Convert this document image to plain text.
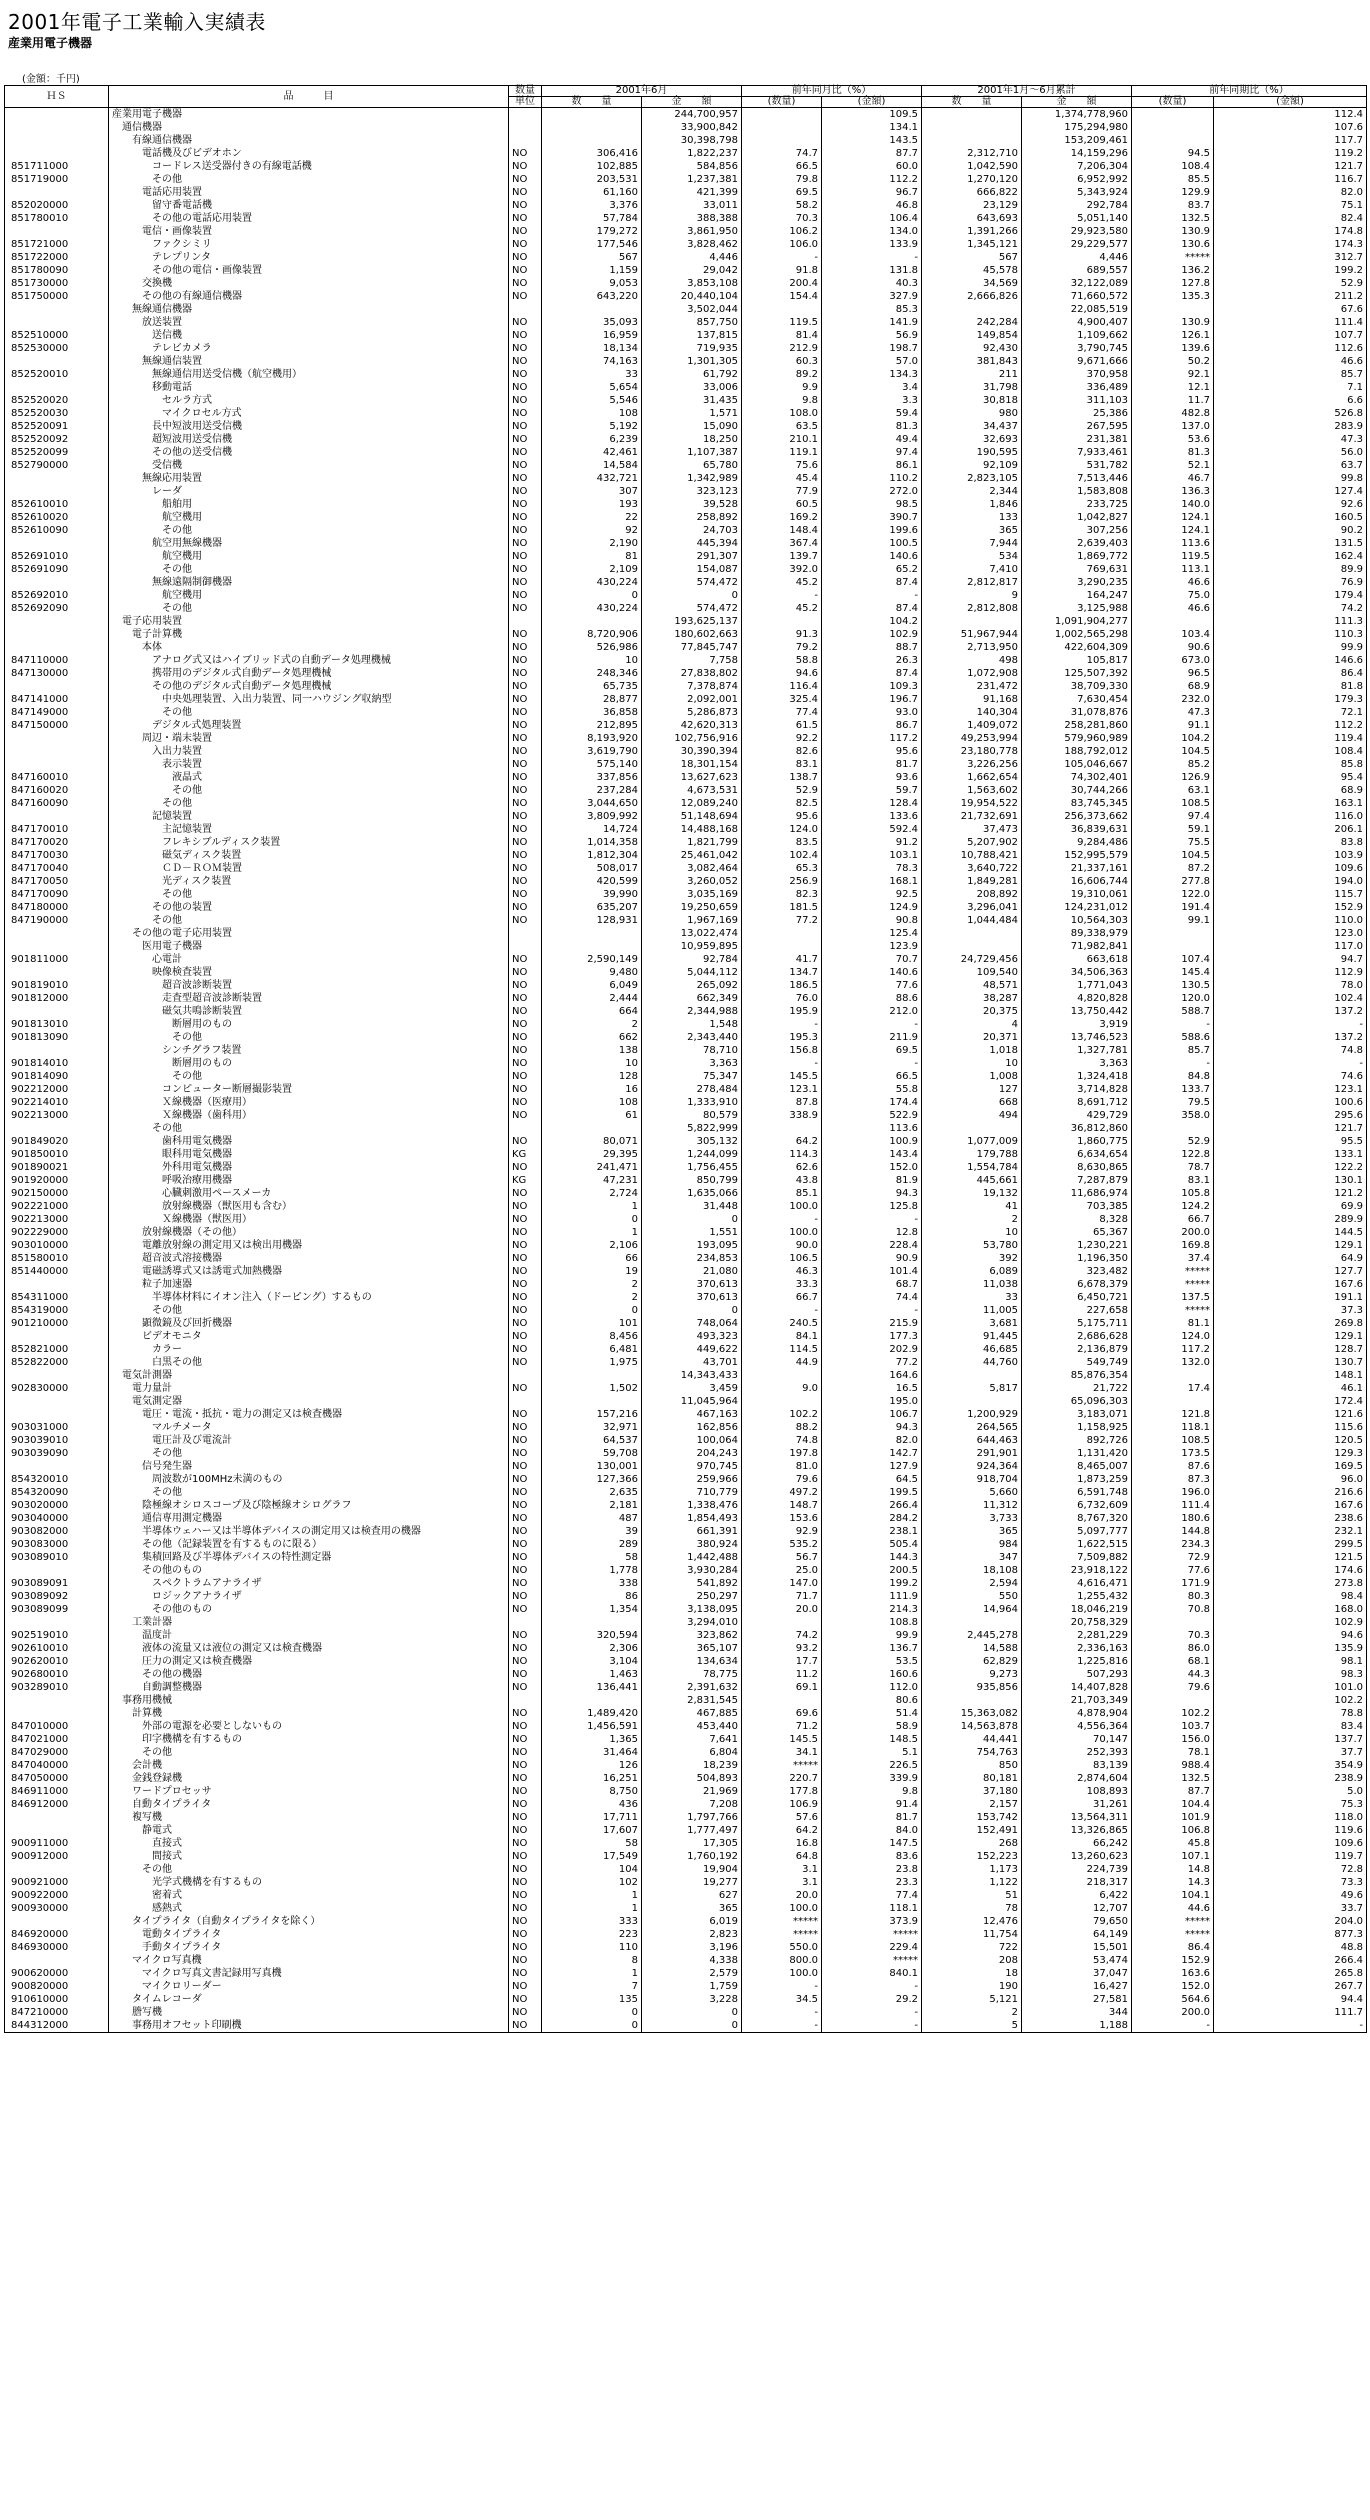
2001年電子工業輸入実績表
産業用電子機器
(金額：千円)
ＨＳ	品　　　目	数量	2001年6月		前年同月比（%）		2001年1月～6月累計		前年同期比（%）	
		単位	数　　量	金　　額	(数量)	(金額)	数　　量	金　　額	(数量)	(金額)
	産業用電子機器			244,700,957		109.5		1,374,778,960		112.4
	通信機器			33,900,842		134.1		175,294,980		107.6
	有線通信機器			30,398,798		143.5		153,209,461		117.7
	電話機及びビデオホン	NO	306,416	1,822,237	74.7	87.7	2,312,710	14,159,296	94.5	119.2
851711000	コードレス送受器付きの有線電話機	NO	102,885	584,856	66.5	60.0	1,042,590	7,206,304	108.4	121.7
851719000	その他	NO	203,531	1,237,381	79.8	112.2	1,270,120	6,952,992	85.5	116.7
	電話応用装置	NO	61,160	421,399	69.5	96.7	666,822	5,343,924	129.9	82.0
852020000	留守番電話機	NO	3,376	33,011	58.2	46.8	23,129	292,784	83.7	75.1
851780010	その他の電話応用装置	NO	57,784	388,388	70.3	106.4	643,693	5,051,140	132.5	82.4
	電信・画像装置	NO	179,272	3,861,950	106.2	134.0	1,391,266	29,923,580	130.9	174.8
851721000	ファクシミリ	NO	177,546	3,828,462	106.0	133.9	1,345,121	29,229,577	130.6	174.3
851722000	テレプリンタ	NO	567	4,446	-	-	567	4,446	*****	312.7
851780090	その他の電信・画像装置	NO	1,159	29,042	91.8	131.8	45,578	689,557	136.2	199.2
851730000	交換機	NO	9,053	3,853,108	200.4	40.3	34,569	32,122,089	127.8	52.9
851750000	その他の有線通信機器	NO	643,220	20,440,104	154.4	327.9	2,666,826	71,660,572	135.3	211.2
	無線通信機器			3,502,044		85.3		22,085,519		67.6
	放送装置	NO	35,093	857,750	119.5	141.9	242,284	4,900,407	130.9	111.4
852510000	送信機	NO	16,959	137,815	81.4	56.9	149,854	1,109,662	126.1	107.7
852530000	テレビカメラ	NO	18,134	719,935	212.9	198.7	92,430	3,790,745	139.6	112.6
	無線通信装置	NO	74,163	1,301,305	60.3	57.0	381,843	9,671,666	50.2	46.6
852520010	無線通信用送受信機（航空機用）	NO	33	61,792	89.2	134.3	211	370,958	92.1	85.7
	移動電話	NO	5,654	33,006	9.9	3.4	31,798	336,489	12.1	7.1
852520020	セルラ方式	NO	5,546	31,435	9.8	3.3	30,818	311,103	11.7	6.6
852520030	マイクロセル方式	NO	108	1,571	108.0	59.4	980	25,386	482.8	526.8
852520091	長中短波用送受信機	NO	5,192	15,090	63.5	81.3	34,437	267,595	137.0	283.9
852520092	超短波用送受信機	NO	6,239	18,250	210.1	49.4	32,693	231,381	53.6	47.3
852520099	その他の送受信機	NO	42,461	1,107,387	119.1	97.4	190,595	7,933,461	81.3	56.0
852790000	受信機	NO	14,584	65,780	75.6	86.1	92,109	531,782	52.1	63.7
	無線応用装置	NO	432,721	1,342,989	45.4	110.2	2,823,105	7,513,446	46.7	99.8
	レーダ	NO	307	323,123	77.9	272.0	2,344	1,583,808	136.3	127.4
852610010	船舶用	NO	193	39,528	60.5	98.5	1,846	233,725	140.0	92.6
852610020	航空機用	NO	22	258,892	169.2	390.7	133	1,042,827	124.1	160.5
852610090	その他	NO	92	24,703	148.4	199.6	365	307,256	124.1	90.2
	航空用無線機器	NO	2,190	445,394	367.4	100.5	7,944	2,639,403	113.6	131.5
852691010	航空機用	NO	81	291,307	139.7	140.6	534	1,869,772	119.5	162.4
852691090	その他	NO	2,109	154,087	392.0	65.2	7,410	769,631	113.1	89.9
	無線遠隔制御機器	NO	430,224	574,472	45.2	87.4	2,812,817	3,290,235	46.6	76.9
852692010	航空機用	NO	0	0	-	-	9	164,247	75.0	179.4
852692090	その他	NO	430,224	574,472	45.2	87.4	2,812,808	3,125,988	46.6	74.2
	電子応用装置			193,625,137		104.2		1,091,904,277		111.3
	電子計算機	NO	8,720,906	180,602,663	91.3	102.9	51,967,944	1,002,565,298	103.4	110.3
	本体	NO	526,986	77,845,747	79.2	88.7	2,713,950	422,604,309	90.6	99.9
847110000	アナログ式又はハイブリッド式の自動データ処理機械	NO	10	7,758	58.8	26.3	498	105,817	673.0	146.6
847130000	携帯用のデジタル式自動データ処理機械	NO	248,346	27,838,802	94.6	87.4	1,072,908	125,507,392	96.5	86.4
	その他のデジタル式自動データ処理機械	NO	65,735	7,378,874	116.4	109.3	231,472	38,709,330	68.9	81.8
847141000	中央処理装置、入出力装置、同一ハウジング収納型	NO	28,877	2,092,001	325.4	196.7	91,168	7,630,454	232.0	179.3
847149000	その他	NO	36,858	5,286,873	77.4	93.0	140,304	31,078,876	47.3	72.1
847150000	デジタル式処理装置	NO	212,895	42,620,313	61.5	86.7	1,409,072	258,281,860	91.1	112.2
	周辺・端末装置	NO	8,193,920	102,756,916	92.2	117.2	49,253,994	579,960,989	104.2	119.4
	入出力装置	NO	3,619,790	30,390,394	82.6	95.6	23,180,778	188,792,012	104.5	108.4
	表示装置	NO	575,140	18,301,154	83.1	81.7	3,226,256	105,046,667	85.2	85.8
847160010	液晶式	NO	337,856	13,627,623	138.7	93.6	1,662,654	74,302,401	126.9	95.4
847160020	その他	NO	237,284	4,673,531	52.9	59.7	1,563,602	30,744,266	63.1	68.9
847160090	その他	NO	3,044,650	12,089,240	82.5	128.4	19,954,522	83,745,345	108.5	163.1
	記憶装置	NO	3,809,992	51,148,694	95.6	133.6	21,732,691	256,373,662	97.4	116.0
847170010	主記憶装置	NO	14,724	14,488,168	124.0	592.4	37,473	36,839,631	59.1	206.1
847170020	フレキシブルディスク装置	NO	1,014,358	1,821,799	83.5	91.2	5,207,902	9,284,486	75.5	83.8
847170030	磁気ディスク装置	NO	1,812,304	25,461,042	102.4	103.1	10,788,421	152,995,579	104.5	103.9
847170040	ＣＤ－ＲＯＭ装置	NO	508,017	3,082,464	65.3	78.3	3,640,722	21,337,161	87.2	109.6
847170050	光ディスク装置	NO	420,599	3,260,052	256.9	168.1	1,849,281	16,606,744	277.8	194.0
847170090	その他	NO	39,990	3,035,169	82.3	92.5	208,892	19,310,061	122.0	115.7
847180000	その他の装置	NO	635,207	19,250,659	181.5	124.9	3,296,041	124,231,012	191.4	152.9
847190000	その他	NO	128,931	1,967,169	77.2	90.8	1,044,484	10,564,303	99.1	110.0
	その他の電子応用装置			13,022,474		125.4		89,338,979		123.0
	医用電子機器			10,959,895		123.9		71,982,841		117.0
901811000	心電計	NO	2,590,149	92,784	41.7	70.7	24,729,456	663,618	107.4	94.7
	映像検査装置	NO	9,480	5,044,112	134.7	140.6	109,540	34,506,363	145.4	112.9
901819010	超音波診断装置	NO	6,049	265,092	186.5	77.6	48,571	1,771,043	130.5	78.0
901812000	走査型超音波診断装置	NO	2,444	662,349	76.0	88.6	38,287	4,820,828	120.0	102.4
	磁気共鳴診断装置	NO	664	2,344,988	195.9	212.0	20,375	13,750,442	588.7	137.2
901813010	断層用のもの	NO	2	1,548	-	-	4	3,919	-	-
901813090	その他	NO	662	2,343,440	195.3	211.9	20,371	13,746,523	588.6	137.2
	シンチグラフ装置	NO	138	78,710	156.8	69.5	1,018	1,327,781	85.7	74.8
901814010	断層用のもの	NO	10	3,363	-	-	10	3,363	-	-
901814090	その他	NO	128	75,347	145.5	66.5	1,008	1,324,418	84.8	74.6
902212000	コンピューター断層撮影装置	NO	16	278,484	123.1	55.8	127	3,714,828	133.7	123.1
902214010	Ｘ線機器（医療用）	NO	108	1,333,910	87.8	174.4	668	8,691,712	79.5	100.6
902213000	Ｘ線機器（歯科用）	NO	61	80,579	338.9	522.9	494	429,729	358.0	295.6
	その他			5,822,999		113.6		36,812,860		121.7
901849020	歯科用電気機器	NO	80,071	305,132	64.2	100.9	1,077,009	1,860,775	52.9	95.5
901850010	眼科用電気機器	KG	29,395	1,244,099	114.3	143.4	179,788	6,634,654	122.8	133.1
901890021	外科用電気機器	NO	241,471	1,756,455	62.6	152.0	1,554,784	8,630,865	78.7	122.2
901920000	呼吸治療用機器	KG	47,231	850,799	43.8	81.9	445,661	7,287,879	83.1	130.1
902150000	心臓刺激用ペースメーカ	NO	2,724	1,635,066	85.1	94.3	19,132	11,686,974	105.8	121.2
902221000	放射線機器（獣医用も含む）	NO	1	31,448	100.0	125.8	41	703,385	124.2	69.9
902213000	Ｘ線機器（獣医用）	NO	0	0	-	-	2	8,328	66.7	289.9
902229000	放射線機器（その他）	NO	1	1,551	100.0	12.8	10	65,367	200.0	144.5
903010000	電離放射線の測定用又は検出用機器	NO	2,106	193,095	90.0	228.4	53,780	1,230,221	169.8	129.1
851580010	超音波式溶接機器	NO	66	234,853	106.5	90.9	392	1,196,350	37.4	64.9
851440000	電磁誘導式又は誘電式加熱機器	NO	19	21,080	46.3	101.4	6,089	323,482	*****	127.7
	粒子加速器	NO	2	370,613	33.3	68.7	11,038	6,678,379	*****	167.6
854311000	半導体材料にイオン注入（ドーピング）するもの	NO	2	370,613	66.7	74.4	33	6,450,721	137.5	191.1
854319000	その他	NO	0	0	-	-	11,005	227,658	*****	37.3
901210000	顕微鏡及び回折機器	NO	101	748,064	240.5	215.9	3,681	5,175,711	81.1	269.8
	ビデオモニタ	NO	8,456	493,323	84.1	177.3	91,445	2,686,628	124.0	129.1
852821000	カラー	NO	6,481	449,622	114.5	202.9	46,685	2,136,879	117.2	128.7
852822000	白黒その他	NO	1,975	43,701	44.9	77.2	44,760	549,749	132.0	130.7
	電気計測器			14,343,433		164.6		85,876,354		148.1
902830000	電力量計	NO	1,502	3,459	9.0	16.5	5,817	21,722	17.4	46.1
	電気測定器			11,045,964		195.0		65,096,303		172.4
	電圧・電流・抵抗・電力の測定又は検査機器	NO	157,216	467,163	102.2	106.7	1,200,929	3,183,071	121.8	121.6
903031000	マルチメータ	NO	32,971	162,856	88.2	94.3	264,565	1,158,925	118.1	115.6
903039010	電圧計及び電流計	NO	64,537	100,064	74.8	82.0	644,463	892,726	108.5	120.5
903039090	その他	NO	59,708	204,243	197.8	142.7	291,901	1,131,420	173.5	129.3
	信号発生器	NO	130,001	970,745	81.0	127.9	924,364	8,465,007	87.6	169.5
854320010	周波数が100MHz未満のもの	NO	127,366	259,966	79.6	64.5	918,704	1,873,259	87.3	96.0
854320090	その他	NO	2,635	710,779	497.2	199.5	5,660	6,591,748	196.0	216.6
903020000	陰極線オシロスコープ及び陰極線オシログラフ	NO	2,181	1,338,476	148.7	266.4	11,312	6,732,609	111.4	167.6
903040000	通信専用測定機器	NO	487	1,854,493	153.6	284.2	3,733	8,767,320	180.6	238.6
903082000	半導体ウェハー又は半導体デバイスの測定用又は検査用の機器	NO	39	661,391	92.9	238.1	365	5,097,777	144.8	232.1
903083000	その他（記録装置を有するものに限る）	NO	289	380,924	535.2	505.4	984	1,622,515	234.3	299.5
903089010	集積回路及び半導体デバイスの特性測定器	NO	58	1,442,488	56.7	144.3	347	7,509,882	72.9	121.5
	その他のもの	NO	1,778	3,930,284	25.0	200.5	18,108	23,918,122	77.6	174.6
903089091	スペクトラムアナライザ	NO	338	541,892	147.0	199.2	2,594	4,616,471	171.9	273.8
903089092	ロジックアナライザ	NO	86	250,297	71.7	111.9	550	1,255,432	80.3	98.4
903089099	その他のもの	NO	1,354	3,138,095	20.0	214.3	14,964	18,046,219	70.8	168.0
	工業計器			3,294,010		108.8		20,758,329		102.9
902519010	温度計	NO	320,594	323,862	74.2	99.9	2,445,278	2,281,229	70.3	94.6
902610010	液体の流量又は液位の測定又は検査機器	NO	2,306	365,107	93.2	136.7	14,588	2,336,163	86.0	135.9
902620010	圧力の測定又は検査機器	NO	3,104	134,634	17.7	53.5	62,829	1,225,816	68.1	98.1
902680010	その他の機器	NO	1,463	78,775	11.2	160.6	9,273	507,293	44.3	98.3
903289010	自動調整機器	NO	136,441	2,391,632	69.1	112.0	935,856	14,407,828	79.6	101.0
	事務用機械			2,831,545		80.6		21,703,349		102.2
	計算機	NO	1,489,420	467,885	69.6	51.4	15,363,082	4,878,904	102.2	78.8
847010000	外部の電源を必要としないもの	NO	1,456,591	453,440	71.2	58.9	14,563,878	4,556,364	103.7	83.4
847021000	印字機構を有するもの	NO	1,365	7,641	145.5	148.5	44,441	70,147	156.0	137.7
847029000	その他	NO	31,464	6,804	34.1	5.1	754,763	252,393	78.1	37.7
847040000	会計機	NO	126	18,239	*****	226.5	850	83,139	988.4	354.9
847050000	金銭登録機	NO	16,251	504,893	220.7	339.9	80,181	2,874,604	132.5	238.9
846911000	ワードプロセッサ	NO	8,750	21,969	177.8	9.8	37,180	108,893	87.7	5.0
846912000	自動タイプライタ	NO	436	7,208	106.9	91.4	2,157	31,261	104.4	75.3
	複写機	NO	17,711	1,797,766	57.6	81.7	153,742	13,564,311	101.9	118.0
	静電式	NO	17,607	1,777,497	64.2	84.0	152,491	13,326,865	106.8	119.6
900911000	直接式	NO	58	17,305	16.8	147.5	268	66,242	45.8	109.6
900912000	間接式	NO	17,549	1,760,192	64.8	83.6	152,223	13,260,623	107.1	119.7
	その他	NO	104	19,904	3.1	23.8	1,173	224,739	14.8	72.8
900921000	光学式機構を有するもの	NO	102	19,277	3.1	23.3	1,122	218,317	14.3	73.3
900922000	密着式	NO	1	627	20.0	77.4	51	6,422	104.1	49.6
900930000	感熱式	NO	1	365	100.0	118.1	78	12,707	44.6	33.7
	タイプライタ（自動タイプライタを除く）	NO	333	6,019	*****	373.9	12,476	79,650	*****	204.0
846920000	電動タイプライタ	NO	223	2,823	*****	*****	11,754	64,149	*****	877.3
846930000	手動タイプライタ	NO	110	3,196	550.0	229.4	722	15,501	86.4	48.8
	マイクロ写真機	NO	8	4,338	800.0	*****	208	53,474	152.9	266.4
900620000	マイクロ写真文書記録用写真機	NO	1	2,579	100.0	840.1	18	37,047	163.6	265.8
900820000	マイクロリーダー	NO	7	1,759	-	-	190	16,427	152.0	267.7
910610000	タイムレコーダ	NO	135	3,228	34.5	29.2	5,121	27,581	564.6	94.4
847210000	謄写機	NO	0	0	-	-	2	344	200.0	111.7
844312000	事務用オフセット印刷機	NO	0	0	-	-	5	1,188	-	-
